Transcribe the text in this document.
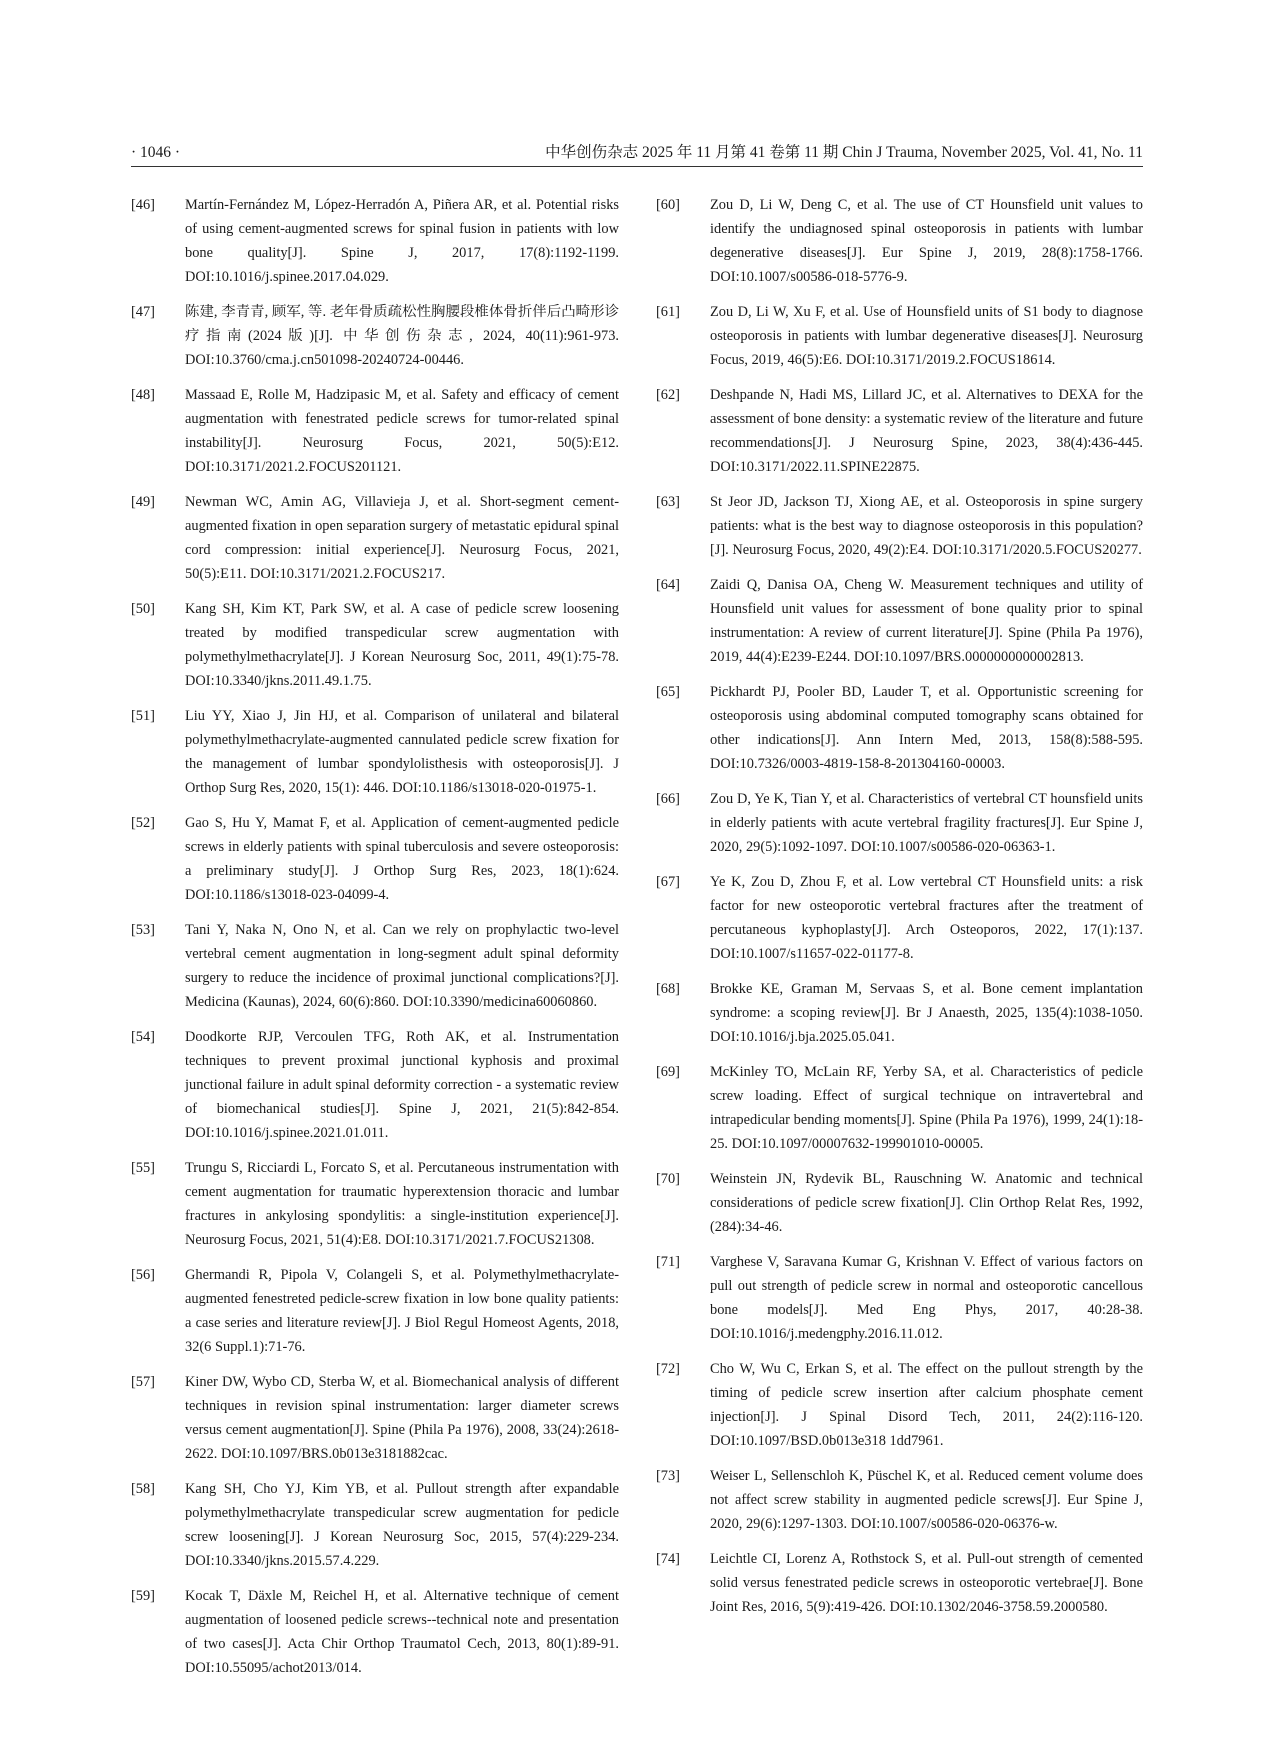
· 1046 ·	中华创伤杂志 2025 年 11 月第 41 卷第 11 期 Chin J Trauma, November 2025, Vol. 41, No. 11
[46]	Martín-Fernández M, López-Herradón A, Piñera AR, et al. Potential risks of using cement-augmented screws for spinal fusion in patients with low bone quality[J]. Spine J, 2017, 17(8):1192-1199. DOI:10.1016/j.spinee.2017.04.029.
[47]	陈建, 李青青, 顾军, 等. 老年骨质疏松性胸腰段椎体骨折伴后凸畸形诊疗指南(2024版)[J]. 中华创伤杂志, 2024, 40(11):961-973. DOI:10.3760/cma.j.cn501098-20240724-00446.
[48]	Massaad E, Rolle M, Hadzipasic M, et al. Safety and efficacy of cement augmentation with fenestrated pedicle screws for tumor-related spinal instability[J]. Neurosurg Focus, 2021, 50(5):E12. DOI:10.3171/2021.2.FOCUS201121.
[49]	Newman WC, Amin AG, Villavieja J, et al. Short-segment cement-augmented fixation in open separation surgery of metastatic epidural spinal cord compression: initial experience[J]. Neurosurg Focus, 2021, 50(5):E11. DOI:10.3171/2021.2.FOCUS217.
[50]	Kang SH, Kim KT, Park SW, et al. A case of pedicle screw loosening treated by modified transpedicular screw augmentation with polymethylmethacrylate[J]. J Korean Neurosurg Soc, 2011, 49(1):75-78. DOI:10.3340/jkns.2011.49.1.75.
[51]	Liu YY, Xiao J, Jin HJ, et al. Comparison of unilateral and bilateral polymethylmethacrylate-augmented cannulated pedicle screw fixation for the management of lumbar spondylolisthesis with osteoporosis[J]. J Orthop Surg Res, 2020, 15(1): 446. DOI:10.1186/s13018-020-01975-1.
[52]	Gao S, Hu Y, Mamat F, et al. Application of cement-augmented pedicle screws in elderly patients with spinal tuberculosis and severe osteoporosis: a preliminary study[J]. J Orthop Surg Res, 2023, 18(1):624. DOI:10.1186/s13018-023-04099-4.
[53]	Tani Y, Naka N, Ono N, et al. Can we rely on prophylactic two-level vertebral cement augmentation in long-segment adult spinal deformity surgery to reduce the incidence of proximal junctional complications?[J]. Medicina (Kaunas), 2024, 60(6):860. DOI:10.3390/medicina60060860.
[54]	Doodkorte RJP, Vercoulen TFG, Roth AK, et al. Instrumentation techniques to prevent proximal junctional kyphosis and proximal junctional failure in adult spinal deformity correction - a systematic review of biomechanical studies[J]. Spine J, 2021, 21(5):842-854. DOI:10.1016/j.spinee.2021.01.011.
[55]	Trungu S, Ricciardi L, Forcato S, et al. Percutaneous instrumentation with cement augmentation for traumatic hyperextension thoracic and lumbar fractures in ankylosing spondylitis: a single-institution experience[J]. Neurosurg Focus, 2021, 51(4):E8. DOI:10.3171/2021.7.FOCUS21308.
[56]	Ghermandi R, Pipola V, Colangeli S, et al. Polymethylmethacrylate-augmented fenestreted pedicle-screw fixation in low bone quality patients: a case series and literature review[J]. J Biol Regul Homeost Agents, 2018, 32(6 Suppl.1):71-76.
[57]	Kiner DW, Wybo CD, Sterba W, et al. Biomechanical analysis of different techniques in revision spinal instrumentation: larger diameter screws versus cement augmentation[J]. Spine (Phila Pa 1976), 2008, 33(24):2618-2622. DOI:10.1097/BRS.0b013e3181882cac.
[58]	Kang SH, Cho YJ, Kim YB, et al. Pullout strength after expandable polymethylmethacrylate transpedicular screw augmentation for pedicle screw loosening[J]. J Korean Neurosurg Soc, 2015, 57(4):229-234. DOI:10.3340/jkns.2015.57.4.229.
[59]	Kocak T, Däxle M, Reichel H, et al. Alternative technique of cement augmentation of loosened pedicle screws--technical note and presentation of two cases[J]. Acta Chir Orthop Traumatol Cech, 2013, 80(1):89-91. DOI:10.55095/achot2013/014.
[60]	Zou D, Li W, Deng C, et al. The use of CT Hounsfield unit values to identify the undiagnosed spinal osteoporosis in patients with lumbar degenerative diseases[J]. Eur Spine J, 2019, 28(8):1758-1766. DOI:10.1007/s00586-018-5776-9.
[61]	Zou D, Li W, Xu F, et al. Use of Hounsfield units of S1 body to diagnose osteoporosis in patients with lumbar degenerative diseases[J]. Neurosurg Focus, 2019, 46(5):E6. DOI:10.3171/2019.2.FOCUS18614.
[62]	Deshpande N, Hadi MS, Lillard JC, et al. Alternatives to DEXA for the assessment of bone density: a systematic review of the literature and future recommendations[J]. J Neurosurg Spine, 2023, 38(4):436-445. DOI:10.3171/2022.11.SPINE22875.
[63]	St Jeor JD, Jackson TJ, Xiong AE, et al. Osteoporosis in spine surgery patients: what is the best way to diagnose osteoporosis in this population?[J]. Neurosurg Focus, 2020, 49(2):E4. DOI:10.3171/2020.5.FOCUS20277.
[64]	Zaidi Q, Danisa OA, Cheng W. Measurement techniques and utility of Hounsfield unit values for assessment of bone quality prior to spinal instrumentation: A review of current literature[J]. Spine (Phila Pa 1976), 2019, 44(4):E239-E244. DOI:10.1097/BRS.0000000000002813.
[65]	Pickhardt PJ, Pooler BD, Lauder T, et al. Opportunistic screening for osteoporosis using abdominal computed tomography scans obtained for other indications[J]. Ann Intern Med, 2013, 158(8):588-595. DOI:10.7326/0003-4819-158-8-201304160-00003.
[66]	Zou D, Ye K, Tian Y, et al. Characteristics of vertebral CT hounsfield units in elderly patients with acute vertebral fragility fractures[J]. Eur Spine J, 2020, 29(5):1092-1097. DOI:10.1007/s00586-020-06363-1.
[67]	Ye K, Zou D, Zhou F, et al. Low vertebral CT Hounsfield units: a risk factor for new osteoporotic vertebral fractures after the treatment of percutaneous kyphoplasty[J]. Arch Osteoporos, 2022, 17(1):137. DOI:10.1007/s11657-022-01177-8.
[68]	Brokke KE, Graman M, Servaas S, et al. Bone cement implantation syndrome: a scoping review[J]. Br J Anaesth, 2025, 135(4):1038-1050. DOI:10.1016/j.bja.2025.05.041.
[69]	McKinley TO, McLain RF, Yerby SA, et al. Characteristics of pedicle screw loading. Effect of surgical technique on intravertebral and intrapedicular bending moments[J]. Spine (Phila Pa 1976), 1999, 24(1):18-25. DOI:10.1097/00007632-199901010-00005.
[70]	Weinstein JN, Rydevik BL, Rauschning W. Anatomic and technical considerations of pedicle screw fixation[J]. Clin Orthop Relat Res, 1992, (284):34-46.
[71]	Varghese V, Saravana Kumar G, Krishnan V. Effect of various factors on pull out strength of pedicle screw in normal and osteoporotic cancellous bone models[J]. Med Eng Phys, 2017, 40:28-38. DOI:10.1016/j.medengphy.2016.11.012.
[72]	Cho W, Wu C, Erkan S, et al. The effect on the pullout strength by the timing of pedicle screw insertion after calcium phosphate cement injection[J]. J Spinal Disord Tech, 2011, 24(2):116-120. DOI:10.1097/BSD.0b013e318 1dd7961.
[73]	Weiser L, Sellenschloh K, Püschel K, et al. Reduced cement volume does not affect screw stability in augmented pedicle screws[J]. Eur Spine J, 2020, 29(6):1297-1303. DOI:10.1007/s00586-020-06376-w.
[74]	Leichtle CI, Lorenz A, Rothstock S, et al. Pull-out strength of cemented solid versus fenestrated pedicle screws in osteoporotic vertebrae[J]. Bone Joint Res, 2016, 5(9):419-426. DOI:10.1302/2046-3758.59.2000580.
